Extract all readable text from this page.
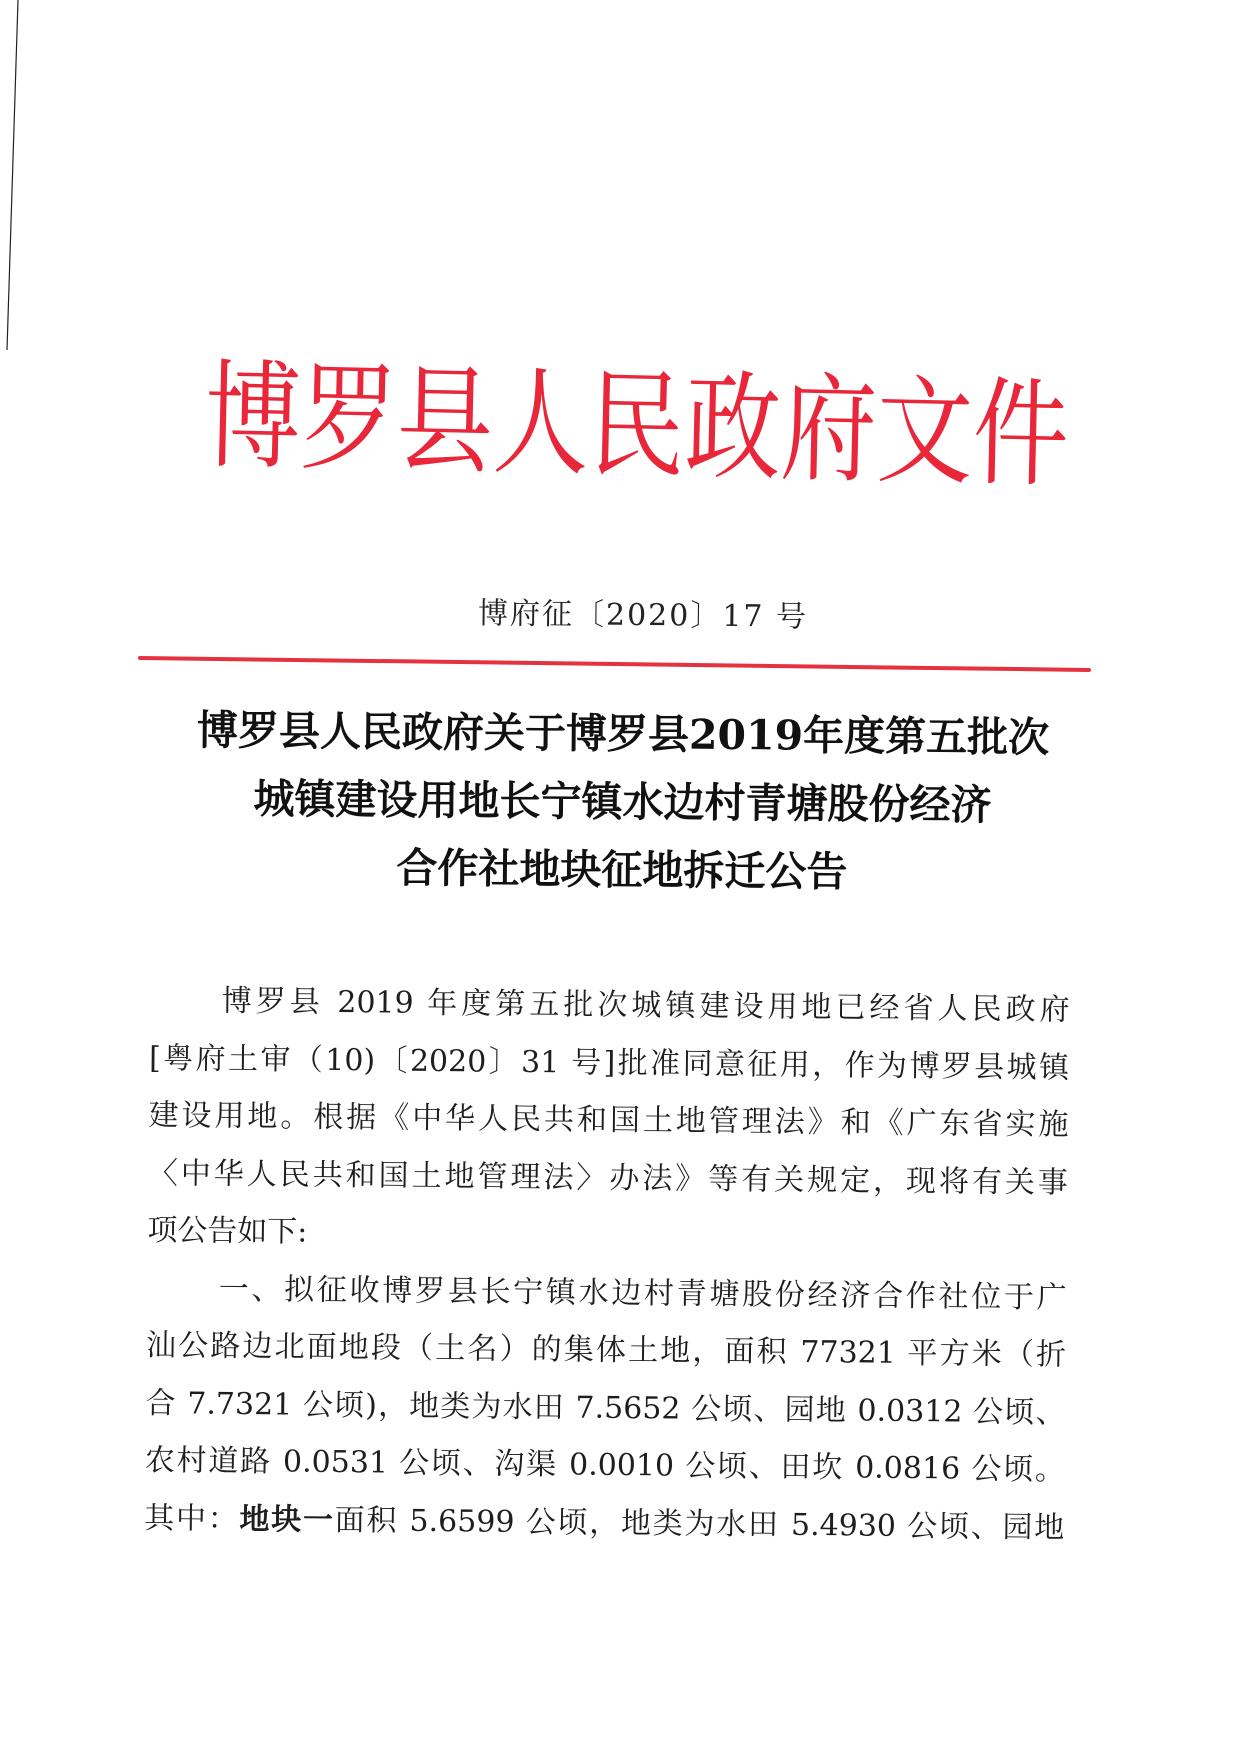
博
罗
县
人
民
政
府
文
件
博府征〔2020〕17 号
博罗县人民政府关于博罗县2019年度第五批次
城镇建设用地长宁镇水边村青塘股份经济
合作社地块征地拆迁公告
博罗县 2019 年度第五批次城镇建设用地已经省人民政府
[粤府土审（10)〔2020〕31 号]批准同意征用，作为博罗县城镇
建设用地。根据《中华人民共和国土地管理法》和《广东省实施
〈中华人民共和国土地管理法〉办法》等有关规定，现将有关事
项公告如下:
一、拟征收博罗县长宁镇水边村青塘股份经济合作社位于广
汕公路边北面地段（土名）的集体土地，面积 77321 平方米（折
合 7.7321 公顷)，地类为水田 7.5652 公顷、园地 0.0312 公顷、
农村道路 0.0531 公顷、沟渠 0.0010 公顷、田坎 0.0816 公顷。
其中：地块一面积 5.6599 公顷，地类为水田 5.4930 公顷、园地
